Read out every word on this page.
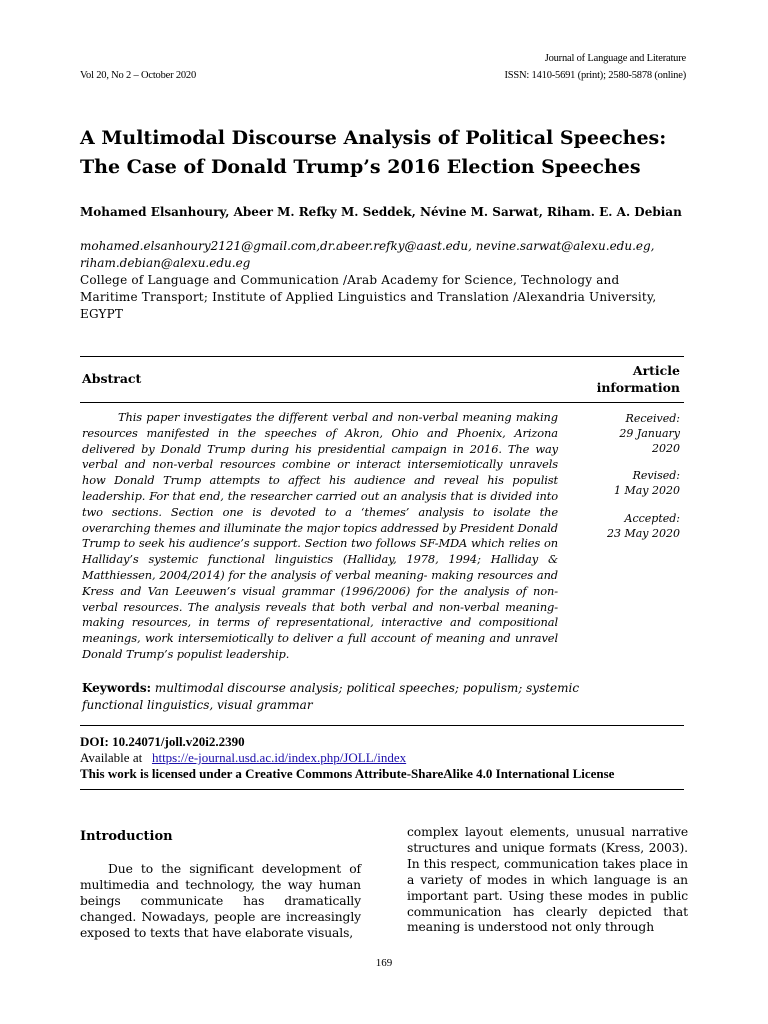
Journal of Language and Literature
Vol 20, No 2 – October 2020	ISSN: 1410-5691 (print); 2580-5878 (online)
A Multimodal Discourse Analysis of Political Speeches:
The Case of Donald Trump’s 2016 Election Speeches
Mohamed Elsanhoury, Abeer M. Refky M. Seddek, Névine M. Sarwat, Riham. E. A. Debian
mohamed.elsanhoury2121@gmail.com,dr.abeer.refky@aast.edu, nevine.sarwat@alexu.edu.eg, riham.debian@alexu.edu.eg
College of Language and Communication /Arab Academy for Science, Technology and Maritime Transport; Institute of Applied Linguistics and Translation /Alexandria University, EGYPT
Abstract
Article
information
This paper investigates the different verbal and non-verbal meaning making resources manifested in the speeches of Akron, Ohio and Phoenix, Arizona delivered by Donald Trump during his presidential campaign in 2016. The way verbal and non-verbal resources combine or interact intersemiotically unravels how Donald Trump attempts to affect his audience and reveal his populist leadership. For that end, the researcher carried out an analysis that is divided into two sections. Section one is devoted to a ‘themes’ analysis to isolate the overarching themes and illuminate the major topics addressed by President Donald Trump to seek his audience’s support. Section two follows SF-MDA which relies on Halliday’s systemic functional linguistics (Halliday, 1978, 1994; Halliday & Matthiessen, 2004/2014) for the analysis of verbal meaning- making resources and Kress and Van Leeuwen’s visual grammar (1996/2006) for the analysis of non-verbal resources. The analysis reveals that both verbal and non-verbal meaning-making resources, in terms of representational, interactive and compositional meanings, work intersemiotically to deliver a full account of meaning and unravel Donald Trump’s populist leadership.
Received:
29 January
2020
Revised:
1 May 2020
Accepted:
23 May 2020
Keywords: multimodal discourse analysis; political speeches; populism; systemic functional linguistics, visual grammar
DOI: 10.24071/joll.v20i2.2390
Available at https://e-journal.usd.ac.id/index.php/JOLL/index
This work is licensed under a Creative Commons Attribute-ShareAlike 4.0 International License
Introduction
Due to the significant development of multimedia and technology, the way human beings communicate has dramatically changed. Nowadays, people are increasingly exposed to texts that have elaborate visuals,
complex layout elements, unusual narrative structures and unique formats (Kress, 2003). In this respect, communication takes place in a variety of modes in which language is an important part. Using these modes in public communication has clearly depicted that meaning is understood not only through
169
